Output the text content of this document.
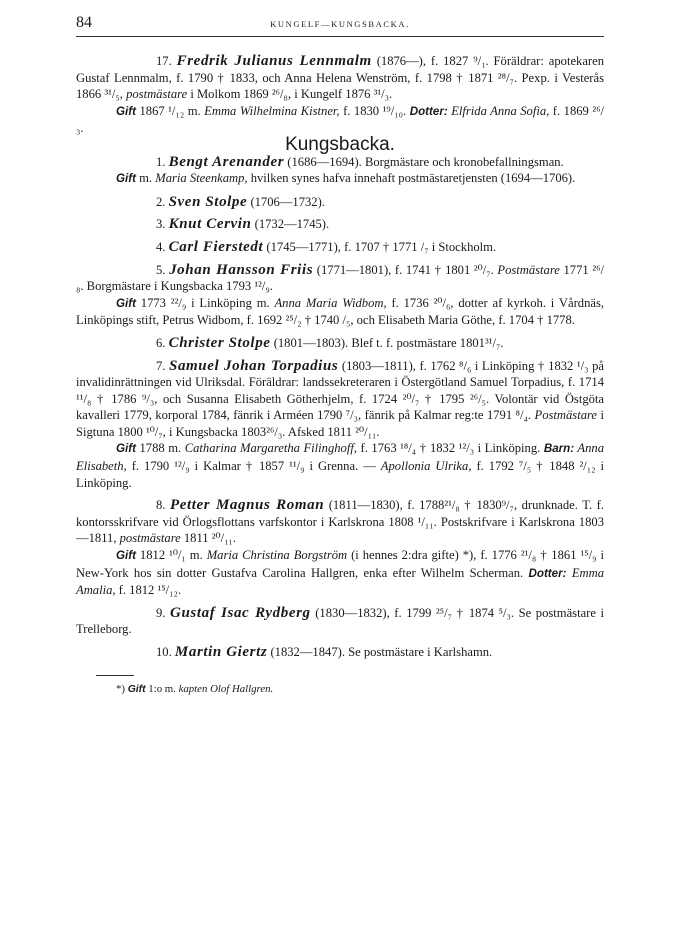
84	KUNGELF—KUNGSBACKA.

17. Fredrik Julianus Lennmalm (1876—), f. 1827 ⁹/₁. Föräldrar: apotekaren Gustaf Lennmalm, f. 1790 † 1833, och Anna Helena Wenström, f. 1798 † 1871 ²⁸/₇. Pexp. i Vesterås 1866 ³¹/₅, postmästare i Molkom 1869 ²⁶/₈, i Kungelf 1876 ³¹/₃.

Gift 1867 ¹/₁₂ m. Emma Wilhelmina Kistner, f. 1830 ¹⁹/₁₀. Dotter: Elfrida Anna Sofia, f. 1869 ²⁶/₃.

Kungsbacka.

1. Bengt Arenander (1686—1694). Borgmästare och kronobefallningsman.

Gift m. Maria Steenkamp, hvilken synes hafva innehaft postmästaretjensten (1694—1706).

2. Sven Stolpe (1706—1732).

3. Knut Cervin (1732—1745).

4. Carl Fierstedt (1745—1771), f. 1707 † 1771 /₇ i Stockholm.

5. Johan Hansson Friis (1771—1801), f. 1741 † 1801 ²⁰/₇. Postmästare 1771 ²⁶/₈. Borgmästare i Kungsbacka 1793 ¹²/₉.

Gift 1773 ²²/₉ i Linköping m. Anna Maria Widbom, f. 1736 ²⁰/₆, dotter af kyrkoh. i Vårdnäs, Linköpings stift, Petrus Widbom, f. 1692 ²⁵/₂ † 1740 /₅, och Elisabeth Maria Göthe, f. 1704 † 1778.

6. Christer Stolpe (1801—1803). Blef t. f. postmästare 1801³¹/₇.

7. Samuel Johan Torpadius (1803—1811), f. 1762 ⁸/₆ i Linköping † 1832 ¹/₃ på invalidinrättningen vid Ulriksdal. Föräldrar: landssekreteraren i Östergötland Samuel Torpadius, f. 1714 ¹¹/₈ † 1786 ⁹/₃, och Susanna Elisabeth Götherhjelm, f. 1724 ²⁰/₇ † 1795 ²⁶/₅. Volontär vid Östgöta kavalleri 1779, korporal 1784, fänrik i Arméen 1790 ⁷/₃, fänrik på Kalmar reg:te 1791 ⁸/₄. Postmästare i Sigtuna 1800 ¹⁰/₇, i Kungsbacka 1803²⁶/₃. Afsked 1811 ²⁰/₁₁.

Gift 1788 m. Catharina Margaretha Filinghoff, f. 1763 ¹⁸/₄ † 1832 ¹²/₃ i Linköping. Barn: Anna Elisabeth, f. 1790 ¹²/₉ i Kalmar † 1857 ¹¹/₉ i Grenna. — Apollonia Ulrika, f. 1792 ⁷/₅ † 1848 ²/₁₂ i Linköping.

8. Petter Magnus Roman (1811—1830), f. 1788²¹/₈ † 1830⁹/₇, drunknade. T. f. kontorsskrifvare vid Örlogsflottans varfskontor i Karlskrona 1808 ¹/₁₁. Postskrifvare i Karlskrona 1803—1811, postmästare 1811 ²⁰/₁₁.

Gift 1812 ¹⁰/₁ m. Maria Christina Borgström (i hennes 2:dra gifte) *), f. 1776 ²¹/₈ † 1861 ¹⁵/₉ i New-York hos sin dotter Gustafva Carolina Hallgren, enka efter Wilhelm Scherman. Dotter: Emma Amalia, f. 1812 ¹⁵/₁₂.

9. Gustaf Isac Rydberg (1830—1832), f. 1799 ²⁵/₇ † 1874 ⁵/₃. Se postmästare i Trelleborg.

10. Martin Giertz (1832—1847). Se postmästare i Karlshamn.

*) Gift 1:o m. kapten Olof Hallgren.
